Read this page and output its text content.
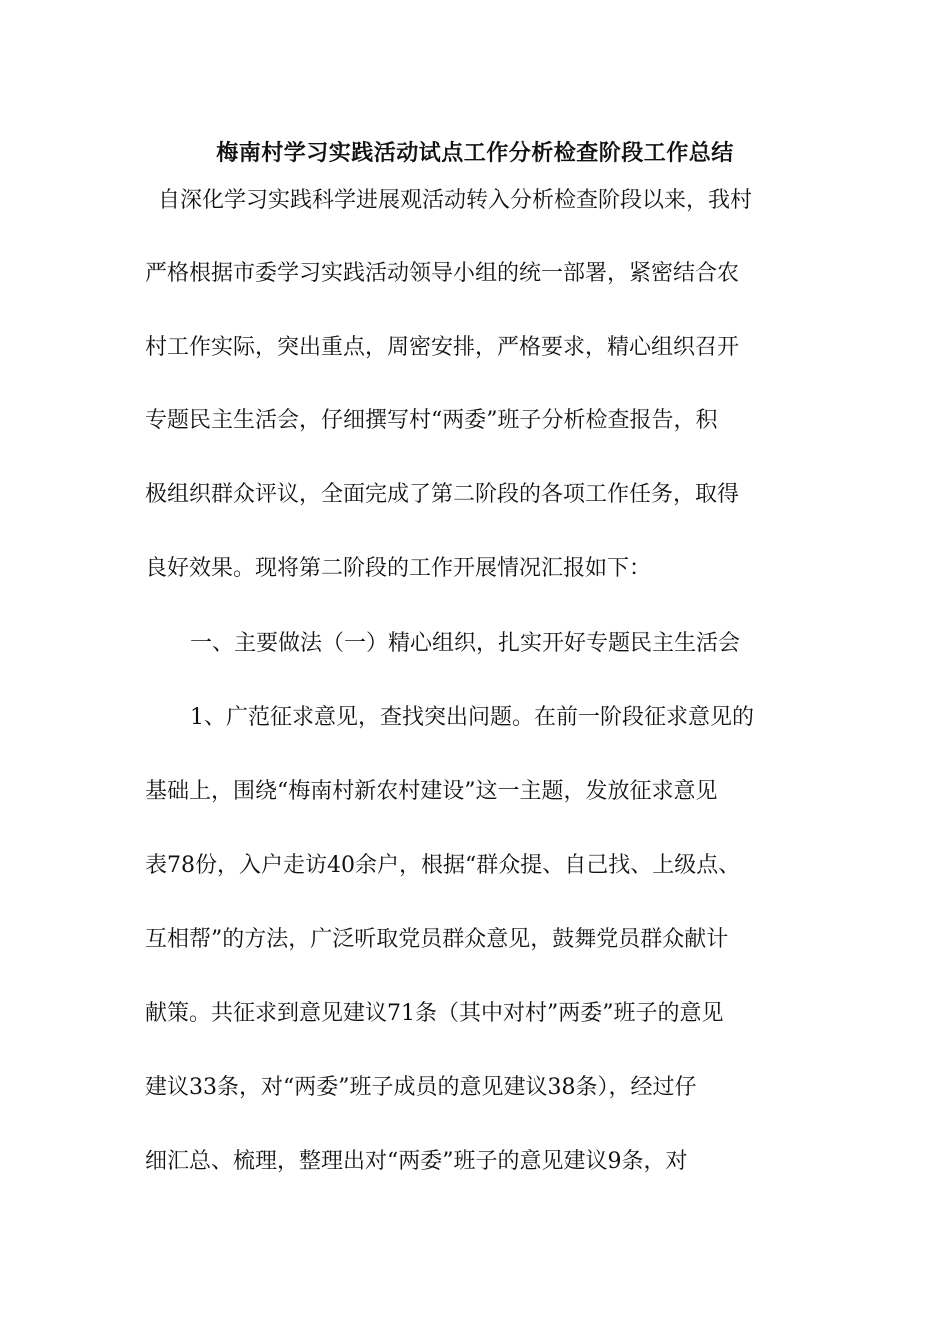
梅南村学习实践活动试点工作分析检查阶段工作总结
自深化学习实践科学进展观活动转入分析检查阶段以来，我村
严格根据市委学习实践活动领导小组的统一部署，紧密结合农
村工作实际，突出重点，周密安排，严格要求，精心组织召开
专题民主生活会，仔细撰写村“两委”班子分析检查报告，积
极组织群众评议，全面完成了第二阶段的各项工作任务，取得
良好效果。现将第二阶段的工作开展情况汇报如下：
一、主要做法（一）精心组织，扎实开好专题民主生活会
1、广范征求意见，查找突出问题。在前一阶段征求意见的
基础上，围绕“梅南村新农村建设”这一主题，发放征求意见
表78份，入户走访40余户，根据“群众提、自己找、上级点、
互相帮”的方法，广泛听取党员群众意见，鼓舞党员群众献计
献策。共征求到意见建议71条（其中对村”两委”班子的意见
建议33条，对“两委”班子成员的意见建议38条），经过仔
细汇总、梳理，整理出对“两委”班子的意见建议9条，对
